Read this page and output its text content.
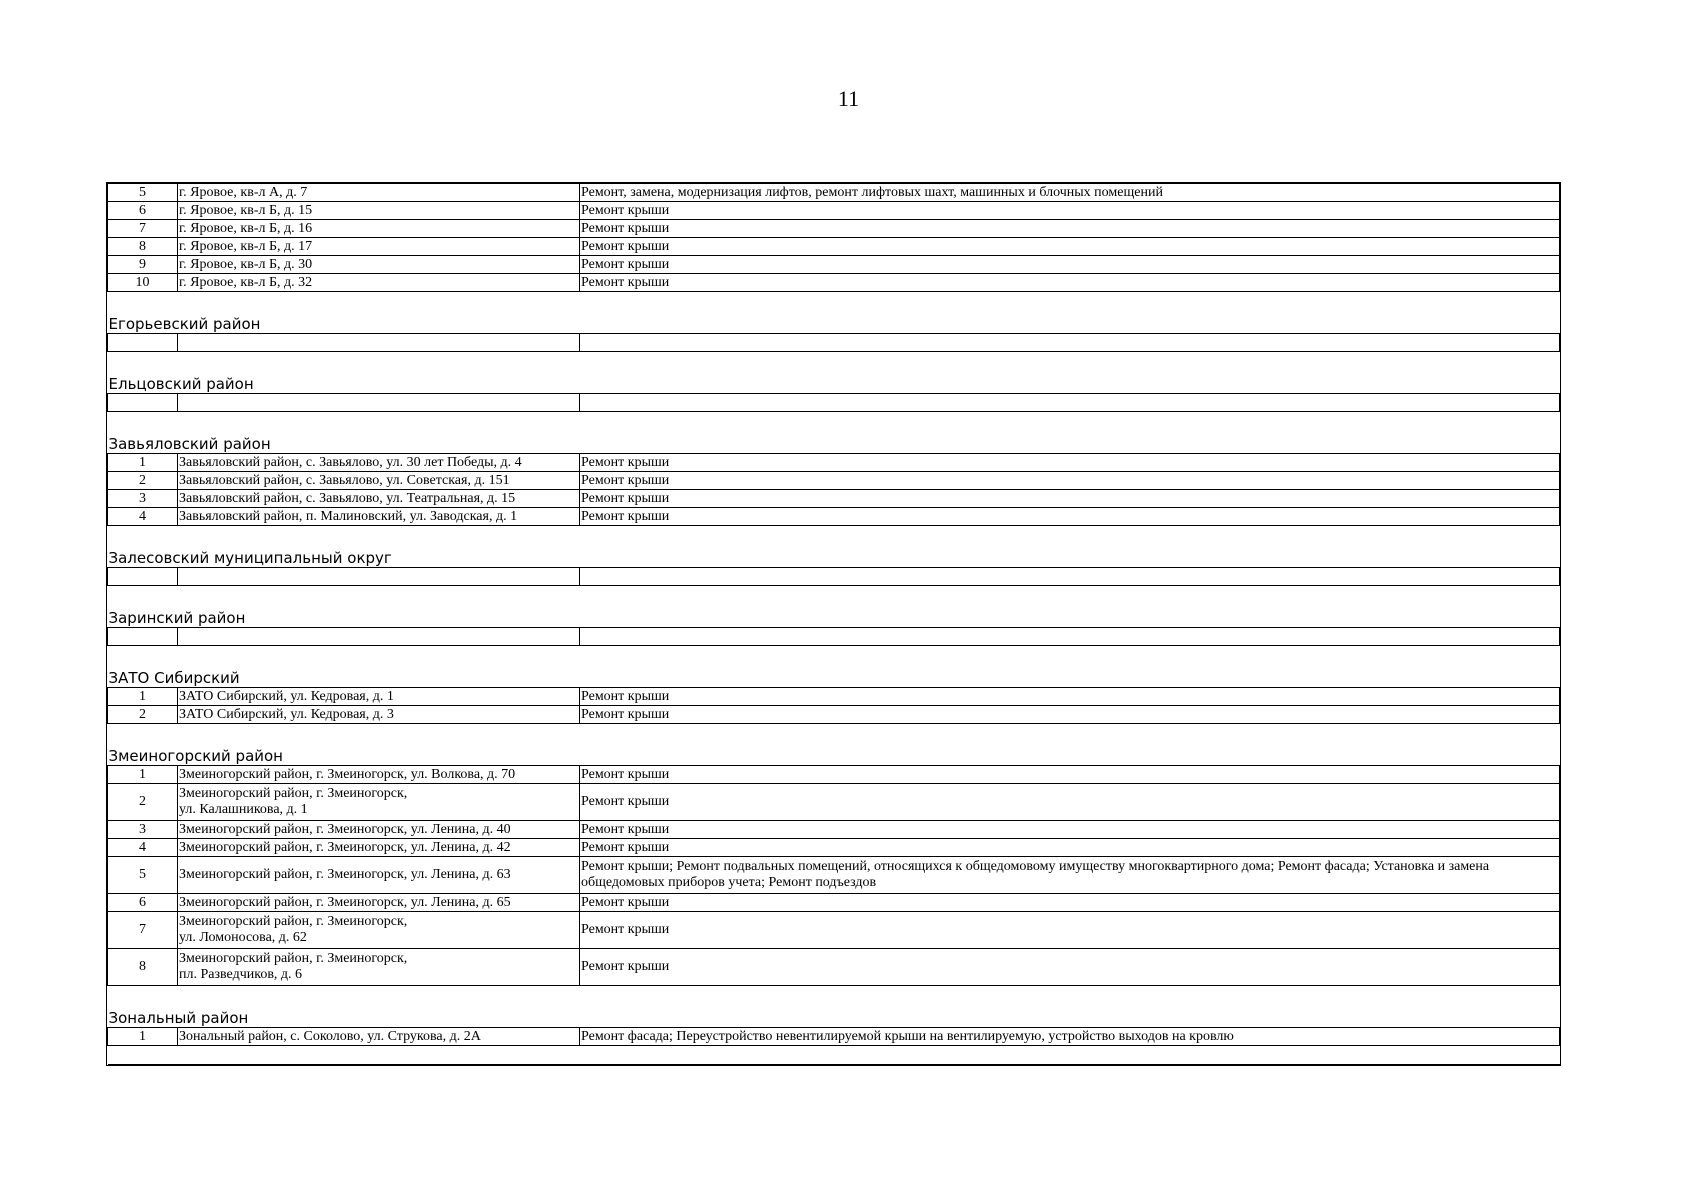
11
5	г. Яровое, кв-л А, д. 7	Ремонт, замена, модернизация лифтов, ремонт лифтовых шахт, машинных и блочных помещений
6	г. Яровое, кв-л Б, д. 15	Ремонт крыши
7	г. Яровое, кв-л Б, д. 16	Ремонт крыши
8	г. Яровое, кв-л Б, д. 17	Ремонт крыши
9	г. Яровое, кв-л Б, д. 30	Ремонт крыши
10	г. Яровое, кв-л Б, д. 32	Ремонт крыши
Егорьевский район		

Ельцовский район		

Завьяловский район		
1	Завьяловский район, с. Завьялово, ул. 30 лет Победы, д. 4	Ремонт крыши
2	Завьяловский район, с. Завьялово, ул. Советская, д. 151	Ремонт крыши
3	Завьяловский район, с. Завьялово, ул. Театральная, д. 15	Ремонт крыши
4	Завьяловский район, п. Малиновский, ул. Заводская, д. 1	Ремонт крыши
Залесовский муниципальный округ		

Заринский район		

ЗАТО Сибирский		
1	ЗАТО Сибирский, ул. Кедровая, д. 1	Ремонт крыши
2	ЗАТО Сибирский, ул. Кедровая, д. 3	Ремонт крыши
Змеиногорский район		
1	Змеиногорский район, г. Змеиногорск, ул. Волкова, д. 70	Ремонт крыши
2	Змеиногорский район, г. Змеиногорск,
ул. Калашникова, д. 1	Ремонт крыши
3	Змеиногорский район, г. Змеиногорск, ул. Ленина, д. 40	Ремонт крыши
4	Змеиногорский район, г. Змеиногорск, ул. Ленина, д. 42	Ремонт крыши
5	Змеиногорский район, г. Змеиногорск, ул. Ленина, д. 63	Ремонт крыши; Ремонт подвальных помещений, относящихся к общедомовому имуществу многоквартирного дома; Ремонт фасада; Установка и замена общедомовых приборов учета; Ремонт подъездов
6	Змеиногорский район, г. Змеиногорск, ул. Ленина, д. 65	Ремонт крыши
7	Змеиногорский район, г. Змеиногорск,
ул. Ломоносова, д. 62	Ремонт крыши
8	Змеиногорский район, г. Змеиногорск,
пл. Разведчиков, д. 6	Ремонт крыши
Зональный район		
1	Зональный район, с. Соколово, ул. Струкова, д. 2А	Ремонт фасада; Переустройство невентилируемой крыши на вентилируемую, устройство выходов на кровлю
